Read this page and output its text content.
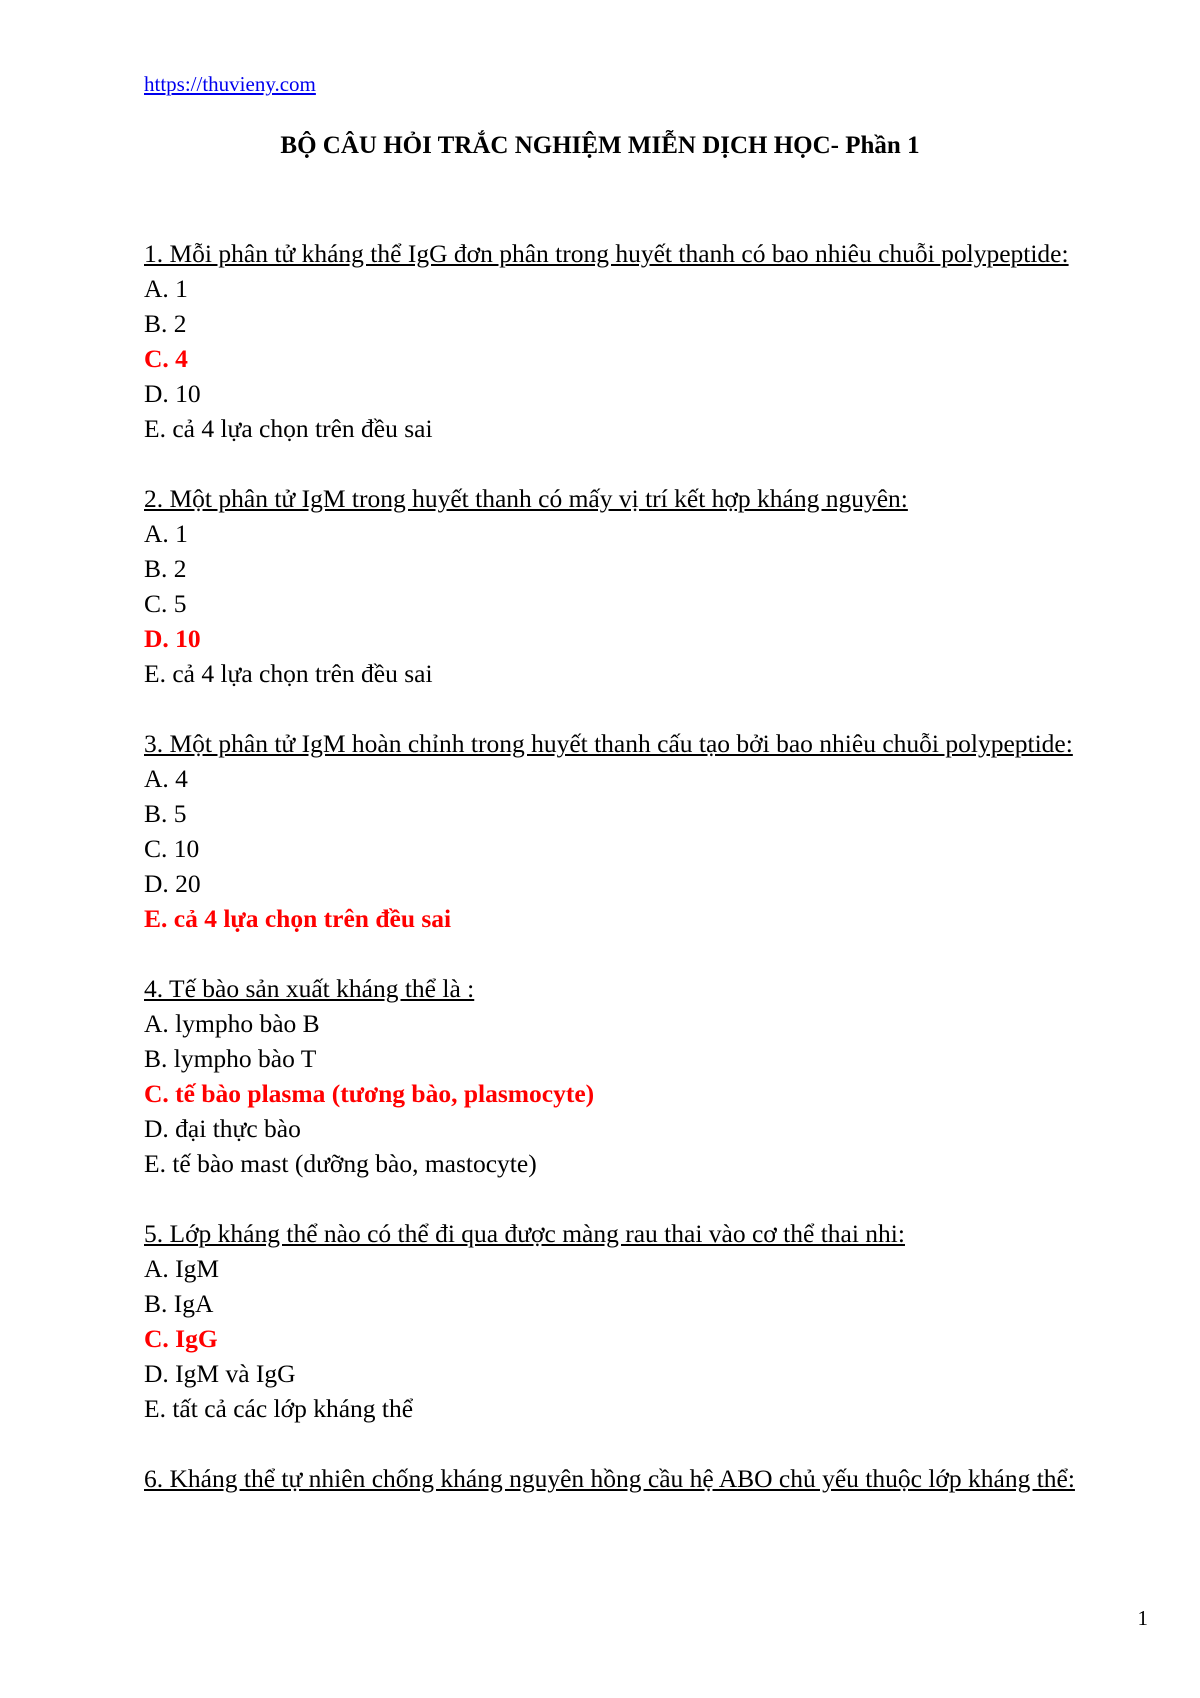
https://thuvieny.com
BỘ CÂU HỎI TRẮC NGHIỆM MIỄN DỊCH HỌC- Phần 1

1. Mỗi phân tử kháng thể IgG đơn phân trong huyết thanh có bao nhiêu chuỗi polypeptide:

A. 1

B. 2

C. 4

D. 10

E. cả 4 lựa chọn trên đều sai

2. Một phân tử IgM trong huyết thanh có mấy vị trí kết hợp kháng nguyên:

A. 1

B. 2

C. 5

D. 10

E. cả 4 lựa chọn trên đều sai

3. Một phân tử IgM hoàn chỉnh trong huyết thanh cấu tạo bởi bao nhiêu chuỗi polypeptide:

A. 4

B. 5

C. 10

D. 20

E. cả 4 lựa chọn trên đều sai

4. Tế bào sản xuất kháng thể là :

A. lympho bào B

B. lympho bào T

C. tế bào plasma (tương bào, plasmocyte)

D. đại thực bào

E. tế bào mast (dưỡng bào, mastocyte)

5. Lớp kháng thể nào có thể đi qua được màng rau thai vào cơ thể thai nhi:

A. IgM

B. IgA

C. IgG

D. IgM và IgG

E. tất cả các lớp kháng thể

6. Kháng thể tự nhiên chống kháng nguyên hồng cầu hệ ABO chủ yếu thuộc lớp kháng thể:

1
